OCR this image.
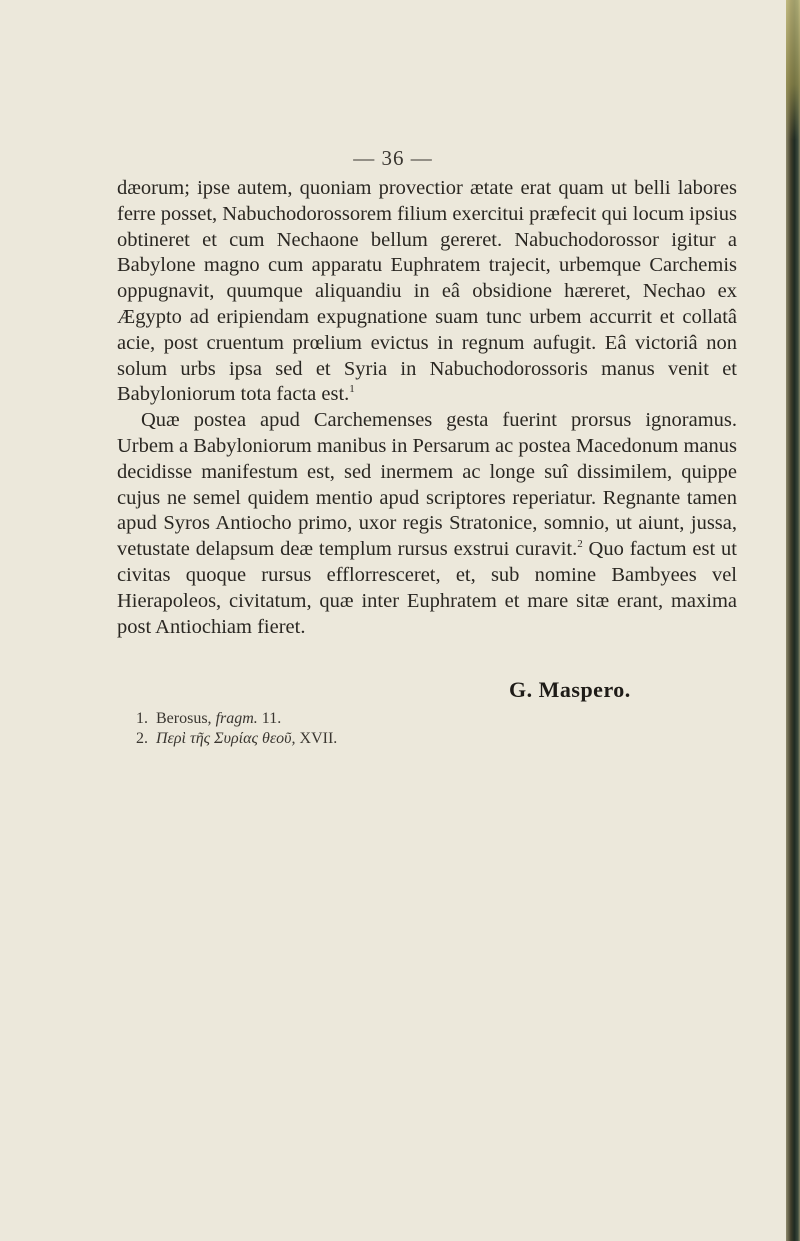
— 36 —

dæorum; ipse autem, quoniam provectior ætate erat quam ut belli labores ferre posset, Nabuchodorossorem filium exercitui præfecit qui locum ipsius obtineret et cum Nechaone bellum gereret. Nabuchodorossor igitur a Babylone magno cum apparatu Euphratem trajecit, urbemque Carchemis oppugnavit, quumque aliquandiu in eâ obsidione hæreret, Nechao ex Ægypto ad eripiendam expugnatione suam tunc urbem accurrit et collatâ acie, post cruentum prœlium evictus in regnum aufugit. Eâ victoriâ non solum urbs ipsa sed et Syria in Nabuchodorossoris manus venit et Babyloniorum tota facta est.$^1$

Quæ postea apud Carchemenses gesta fuerint prorsus ignoramus. Urbem a Babyloniorum manibus in Persarum ac postea Macedonum manus decidisse manifestum est, sed inermem ac longe suî dissimilem, quippe cujus ne semel quidem mentio apud scriptores reperiatur. Regnante tamen apud Syros Antiocho primo, uxor regis Stratonice, somnio, ut aiunt, jussa, vetustate delapsum deæ templum rursus exstrui curavit.$^2$ Quo factum est ut civitas quoque rursus efflorresceret, et, sub nomine Bambyees vel Hierapoleos, civitatum, quæ inter Euphratem et mare sitæ erant, maxima post Antiochiam fieret.

G. Maspero.
1. Berosus, fragm. 11.
2. Περὶ τῆς Συρίας θεοῦ, XVII.
